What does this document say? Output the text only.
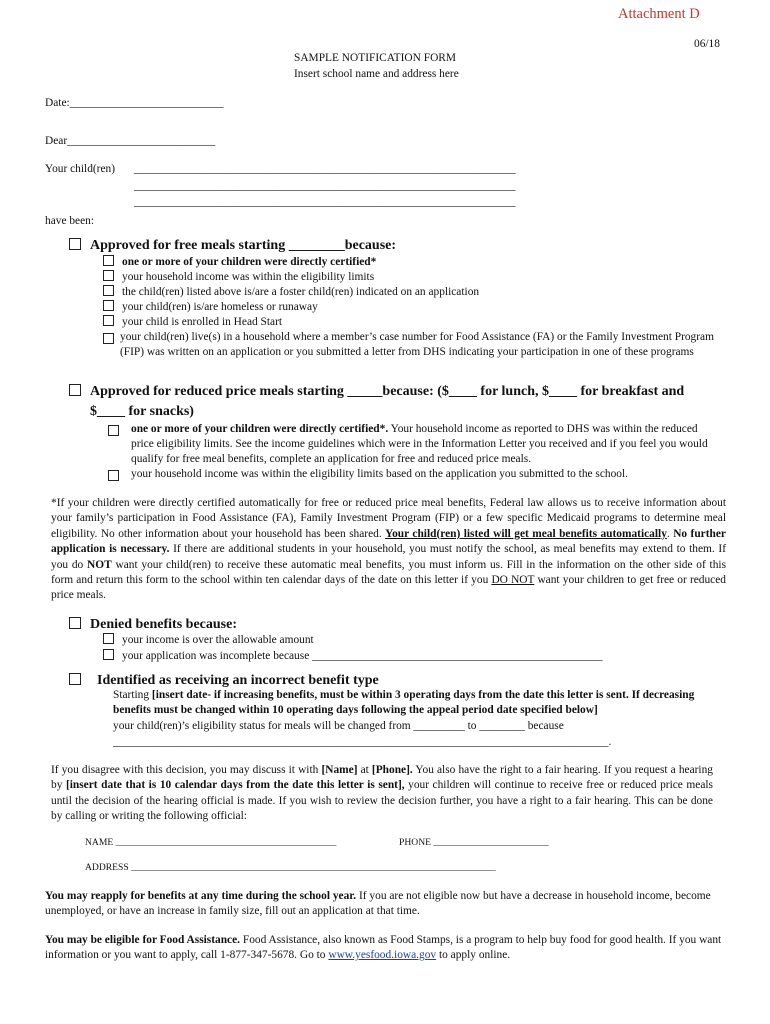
Attachment D
06/18
SAMPLE NOTIFICATION FORM
Insert school name and address here
Date:___________________________
Dear__________________________
Your child(ren) ___________________________________________________________________
___________________________________________________________________
___________________________________________________________________
have been:
Approved for free meals starting ________because:
one or more of your children were directly certified*
your household income was within the eligibility limits
the child(ren) listed above is/are a foster child(ren) indicated on an application
your child(ren) is/are homeless or runaway
your child is enrolled in Head Start
your child(ren) live(s) in a household where a member’s case number for Food Assistance (FA) or the Family Investment Program (FIP) was written on an application or you submitted a letter from DHS indicating your participation in one of these programs
Approved for reduced price meals starting _____because: ($____ for lunch, $____ for breakfast and
$____ for snacks)
one or more of your children were directly certified*. Your household income as reported to DHS was within the reduced price eligibility limits. See the income guidelines which were in the Information Letter you received and if you feel you would qualify for free meal benefits, complete an application for free and reduced price meals.
your household income was within the eligibility limits based on the application you submitted to the school.
*If your children were directly certified automatically for free or reduced price meal benefits, Federal law allows us to receive information about your family’s participation in Food Assistance (FA), Family Investment Program (FIP) or a few specific Medicaid programs to determine meal eligibility. No other information about your household has been shared. Your child(ren) listed will get meal benefits automatically. No further application is necessary. If there are additional students in your household, you must notify the school, as meal benefits may extend to them. If you do NOT want your child(ren) to receive these automatic meal benefits, you must inform us. Fill in the information on the other side of this form and return this form to the school within ten calendar days of the date on this letter if you DO NOT want your children to get free or reduced price meals.
Denied benefits because:
your income is over the allowable amount
your application was incomplete because ___________________________________________________
Identified as receiving an incorrect benefit type
Starting [insert date- if increasing benefits, must be within 3 operating days from the date this letter is sent. If decreasing benefits must be changed within 10 operating days following the appeal period date specified below]
your child(ren)’s eligibility status for meals will be changed from _________ to ________ because
_______________________________________________________________________________________.
If you disagree with this decision, you may discuss it with [Name] at [Phone]. You also have the right to a fair hearing. If you request a hearing by [insert date that is 10 calendar days from the date this letter is sent], your children will continue to receive free or reduced price meals until the decision of the hearing official is made. If you wish to review the decision further, you have a right to a fair hearing. This can be done by calling or writing the following official:
NAME ______________________________________________	PHONE ________________________
ADDRESS ____________________________________________________________________________
You may reapply for benefits at any time during the school year. If you are not eligible now but have a decrease in household income, become unemployed, or have an increase in family size, fill out an application at that time.
You may be eligible for Food Assistance. Food Assistance, also known as Food Stamps, is a program to help buy food for good health. If you want information or you want to apply, call 1-877-347-5678. Go to www.yesfood.iowa.gov to apply online.
